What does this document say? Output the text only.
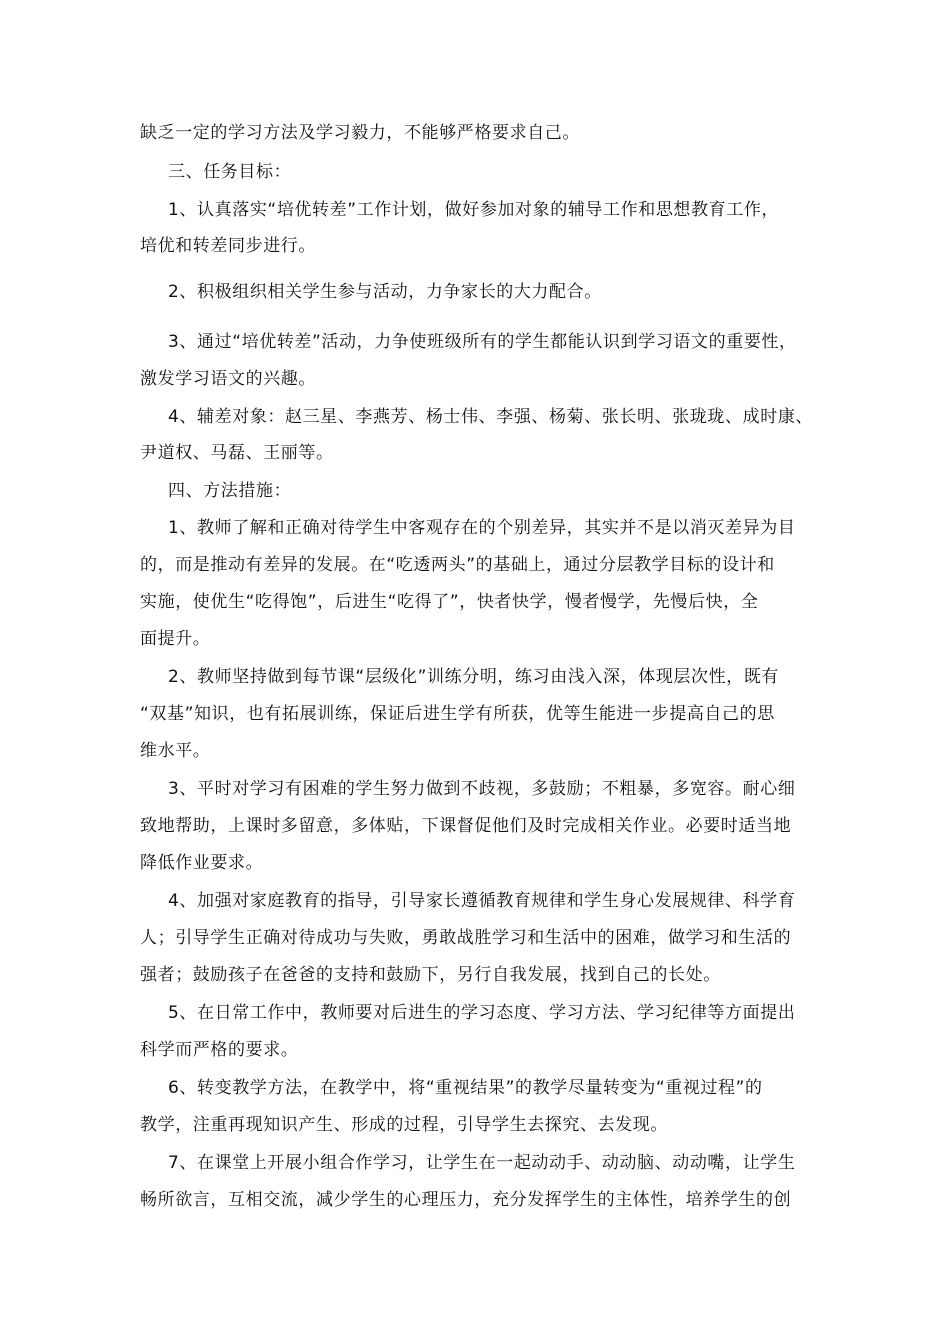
缺乏一定的学习方法及学习毅力，不能够严格要求自己。
三、任务目标：
1、认真落实“培优转差”工作计划，做好参加对象的辅导工作和思想教育工作，
培优和转差同步进行。
2、积极组织相关学生参与活动，力争家长的大力配合。
3、通过“培优转差”活动，力争使班级所有的学生都能认识到学习语文的重要性，
激发学习语文的兴趣。
4、辅差对象：赵三星、李燕芳、杨士伟、李强、杨菊、张长明、张珑珑、成时康、
尹道权、马磊、王丽等。
四、方法措施：
1、教师了解和正确对待学生中客观存在的个别差异，其实并不是以消灭差异为目
的，而是推动有差异的发展。在“吃透两头”的基础上，通过分层教学目标的设计和
实施，使优生“吃得饱”，后进生“吃得了”，快者快学，慢者慢学，先慢后快，全
面提升。
2、教师坚持做到每节课“层级化”训练分明，练习由浅入深，体现层次性，既有
“双基”知识，也有拓展训练，保证后进生学有所获，优等生能进一步提高自己的思
维水平。
3、平时对学习有困难的学生努力做到不歧视，多鼓励；不粗暴，多宽容。耐心细
致地帮助，上课时多留意，多体贴，下课督促他们及时完成相关作业。必要时适当地
降低作业要求。
4、加强对家庭教育的指导，引导家长遵循教育规律和学生身心发展规律、科学育
人；引导学生正确对待成功与失败，勇敢战胜学习和生活中的困难，做学习和生活的
强者；鼓励孩子在爸爸的支持和鼓励下，另行自我发展，找到自己的长处。
5、在日常工作中，教师要对后进生的学习态度、学习方法、学习纪律等方面提出
科学而严格的要求。
6、转变教学方法，在教学中，将“重视结果”的教学尽量转变为“重视过程”的
教学，注重再现知识产生、形成的过程，引导学生去探究、去发现。
7、在课堂上开展小组合作学习，让学生在一起动动手、动动脑、动动嘴，让学生
畅所欲言，互相交流，减少学生的心理压力，充分发挥学生的主体性，培养学生的创
